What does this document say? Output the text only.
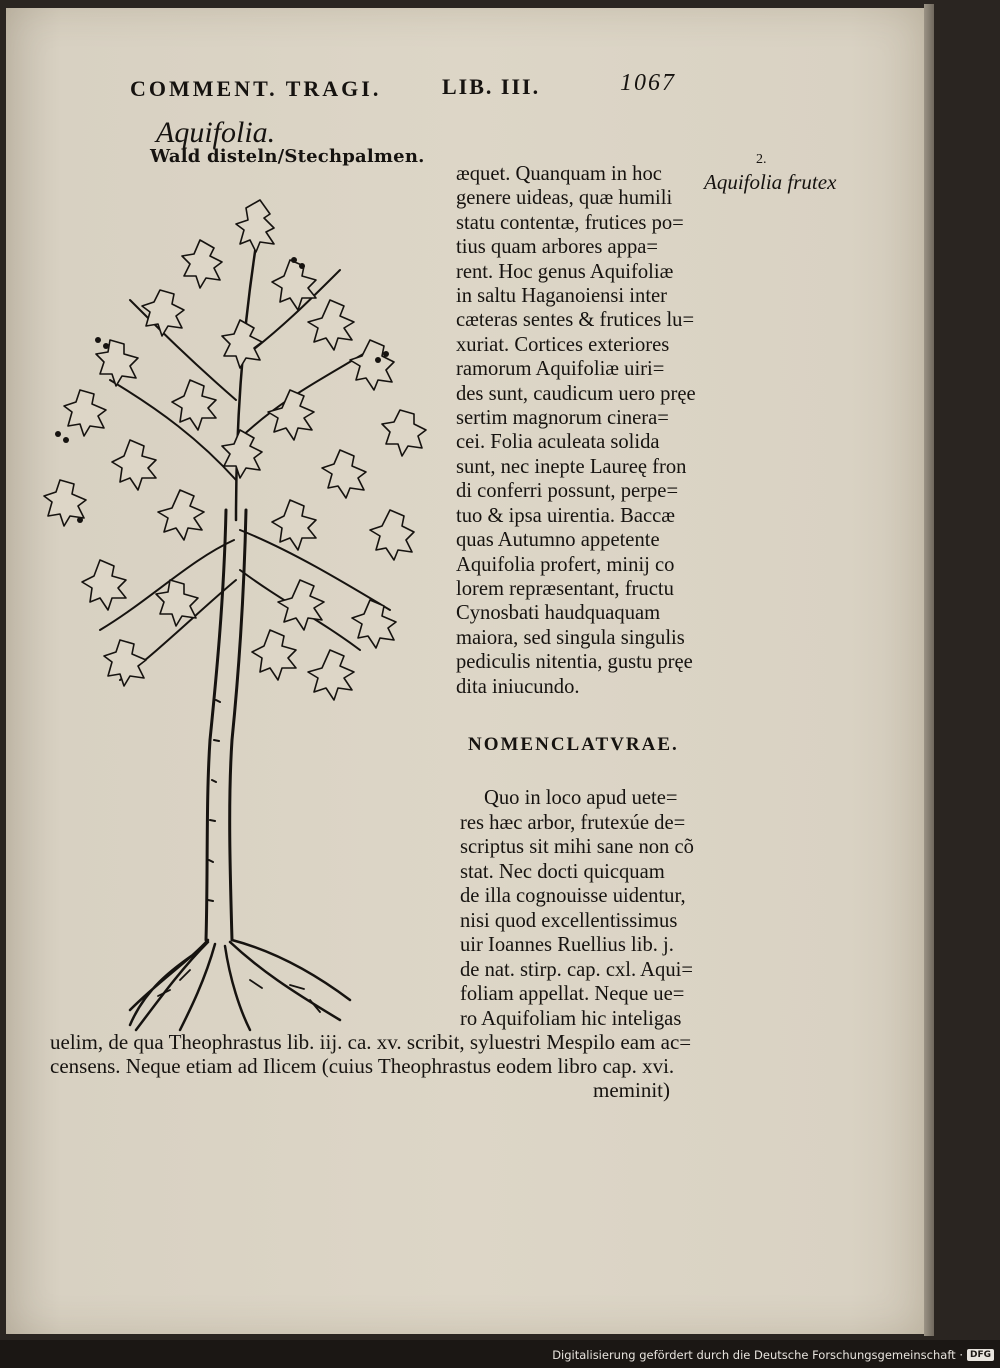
COMMENT. TRAGI.	LIB. III.	1067
Aquifolia.
Wald disteln/Stechpalmen.	2.
Aquifolia frutex
æquet. Quanquam in hoc
genere uideas, quæ humili
statu contentæ, frutices po=
tius quam arbores appa=
rent. Hoc genus Aquifoliæ
in saltu Haganoiensi inter
cæteras sentes & frutices lu=
xuriat. Cortices exteriores
ramorum Aquifoliæ uiri=
des sunt, caudicum uero pręe
sertim magnorum cinera=
cei. Folia aculeata solida
sunt, nec inepte Laureę fron
di conferri possunt, perpe=
tuo & ipsa uirentia. Baccæ
quas Autumno appetente
Aquifolia profert, minij co
lorem repræsentant, fructu
Cynosbati haudquaquam
maiora, sed singula singulis
pediculis nitentia, gustu pręe
dita iniucundo.
NOMENCLATVRAE.
Quo in loco apud uete=
res hæc arbor, frutexúe de=
scriptus sit mihi sane non cõ
stat. Nec docti quicquam
de illa cognouisse uidentur,
nisi quod excellentissimus
uir Ioannes Ruellius lib. j.
de nat. stirp. cap. cxl. Aqui=
foliam appellat. Neque ue=
ro Aquifoliam hic inteligas
uelim, de qua Theophrastus lib. iij. ca. xv. scribit, syluestri Mespilo eam ac=
censens. Neque etiam ad Ilicem (cuius Theophrastus eodem libro cap. xvi.
meminit)
Digitalisierung gefördert durch die Deutsche Forschungsgemeinschaft · DFG
